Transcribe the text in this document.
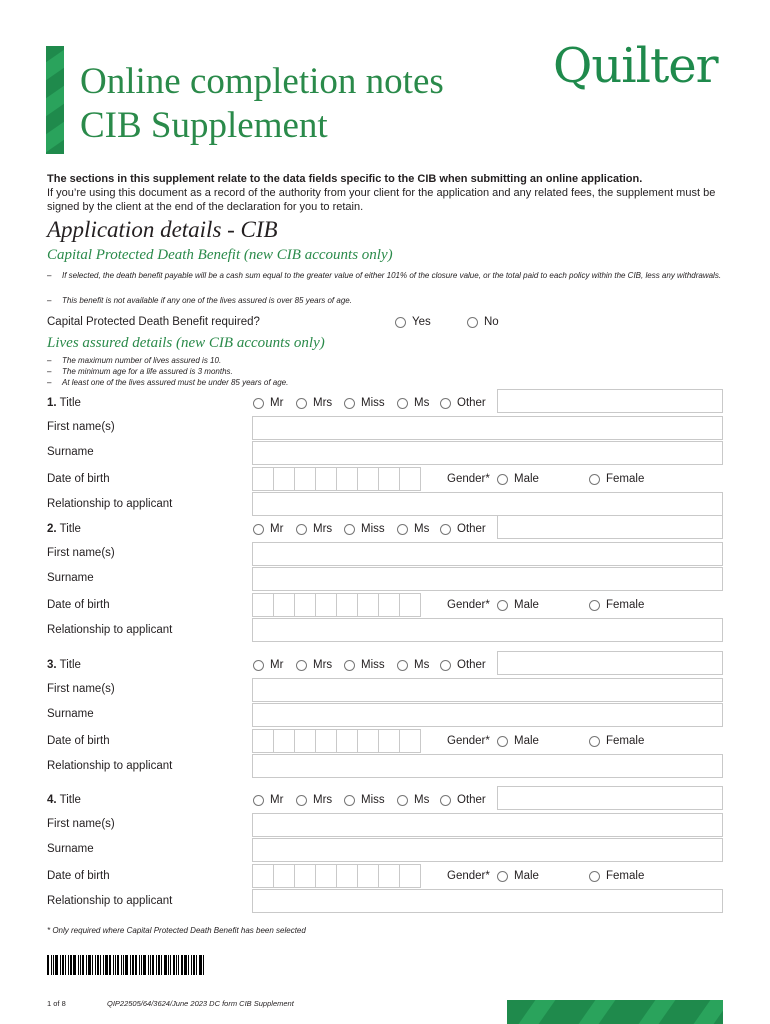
Online completion notes
CIB Supplement
Quilter
The sections in this supplement relate to the data fields specific to the CIB when submitting an online application.
If you’re using this document as a record of the authority from your client for the application and any related fees, the supplement must be signed by the client at the end of the declaration for you to retain.
Application details - CIB
Capital Protected Death Benefit (new CIB accounts only)
– If selected, the death benefit payable will be a cash sum equal to the greater value of either 101% of the closure value, or the total paid to each policy within the CIB, less any withdrawals.
– This benefit is not available if any one of the lives assured is over 85 years of age.
Capital Protected Death Benefit required?	Yes	No
Lives assured details (new CIB accounts only)
– The maximum number of lives assured is 10.
– The minimum age for a life assured is 3 months.
– At least one of the lives assured must be under 85 years of age.
1. Title	Mr	Mrs	Miss	Ms Other
First name(s)
Surname
Date of birth	Gender* Male	Female
Relationship to applicant
2. Title	Mr	Mrs	Miss	Ms Other
First name(s)
Surname
Date of birth	Gender* Male	Female
Relationship to applicant
3. Title	Mr	Mrs	Miss	Ms Other
First name(s)
Surname
Date of birth	Gender* Male	Female
Relationship to applicant
4. Title	Mr	Mrs	Miss	Ms Other
First name(s)
Surname
Date of birth	Gender* Male	Female
Relationship to applicant
* Only required where Capital Protected Death Benefit has been selected
1 of 8	QIP22505/64/3624/June 2023 DC form CIB Supplement
